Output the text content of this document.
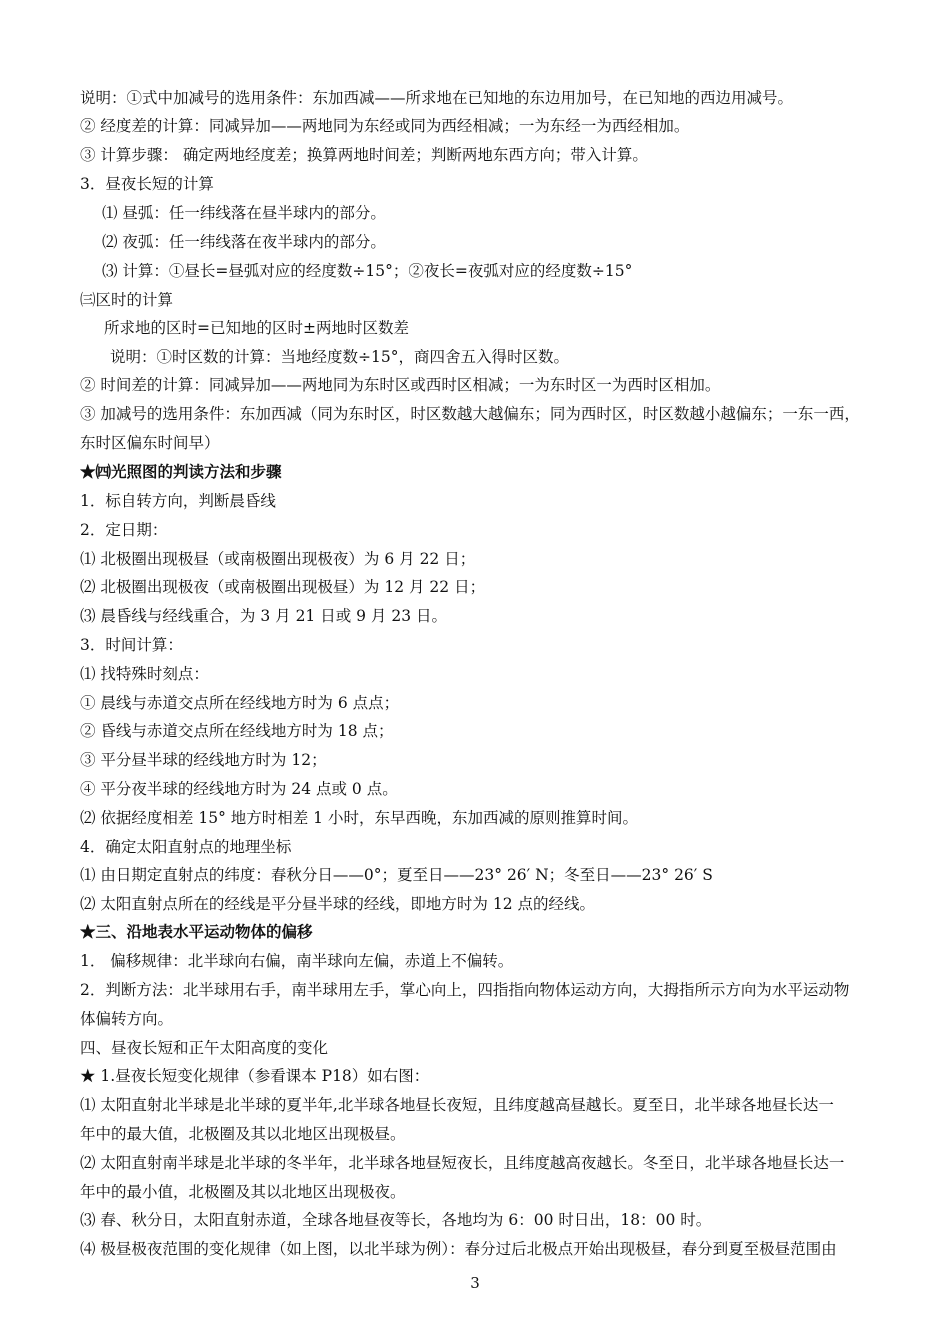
说明：①式中加减号的选用条件：东加西减——所求地在已知地的东边用加号，在已知地的西边用减号。
② 经度差的计算：同减异加——两地同为东经或同为西经相减；一为东经一为西经相加。
③ 计算步骤： 确定两地经度差；换算两地时间差；判断两地东西方向；带入计算。
3．昼夜长短的计算
⑴ 昼弧：任一纬线落在昼半球内的部分。
⑵ 夜弧：任一纬线落在夜半球内的部分。
⑶ 计算：①昼长=昼弧对应的经度数÷15°；②夜长=夜弧对应的经度数÷15°
㈢区时的计算
所求地的区时=已知地的区时±两地时区数差
说明：①时区数的计算：当地经度数÷15°，商四舍五入得时区数。
② 时间差的计算：同减异加——两地同为东时区或西时区相减；一为东时区一为西时区相加。
③ 加减号的选用条件：东加西减（同为东时区，时区数越大越偏东；同为西时区，时区数越小越偏东；一东一西，
东时区偏东时间早）
★㈣光照图的判读方法和步骤
1．标自转方向，判断晨昏线
2．定日期：
⑴ 北极圈出现极昼（或南极圈出现极夜）为 6 月 22 日；
⑵ 北极圈出现极夜（或南极圈出现极昼）为 12 月 22 日；
⑶ 晨昏线与经线重合，为 3 月 21 日或 9 月 23 日。
3．时间计算：
⑴ 找特殊时刻点：
① 晨线与赤道交点所在经线地方时为 6 点点；
② 昏线与赤道交点所在经线地方时为 18 点；
③ 平分昼半球的经线地方时为 12；
④ 平分夜半球的经线地方时为 24 点或 0 点。
⑵ 依据经度相差 15° 地方时相差 1 小时，东早西晚，东加西减的原则推算时间。
4．确定太阳直射点的地理坐标
⑴ 由日期定直射点的纬度：春秋分日——0°；夏至日——23° 26′ N；冬至日——23° 26′ S
⑵ 太阳直射点所在的经线是平分昼半球的经线，即地方时为 12 点的经线。
★三、沿地表水平运动物体的偏移
1． 偏移规律：北半球向右偏，南半球向左偏，赤道上不偏转。
2．判断方法：北半球用右手，南半球用左手，掌心向上，四指指向物体运动方向，大拇指所示方向为水平运动物
体偏转方向。
四、昼夜长短和正午太阳高度的变化
★ 1.昼夜长短变化规律（参看课本 P18）如右图：
⑴ 太阳直射北半球是北半球的夏半年,北半球各地昼长夜短，且纬度越高昼越长。夏至日，北半球各地昼长达一
年中的最大值，北极圈及其以北地区出现极昼。
⑵ 太阳直射南半球是北半球的冬半年，北半球各地昼短夜长，且纬度越高夜越长。冬至日，北半球各地昼长达一
年中的最小值，北极圈及其以北地区出现极夜。
⑶ 春、秋分日，太阳直射赤道，全球各地昼夜等长，各地均为 6：00 时日出，18：00 时。
⑷ 极昼极夜范围的变化规律（如上图，以北半球为例）：春分过后北极点开始出现极昼，春分到夏至极昼范围由
3
